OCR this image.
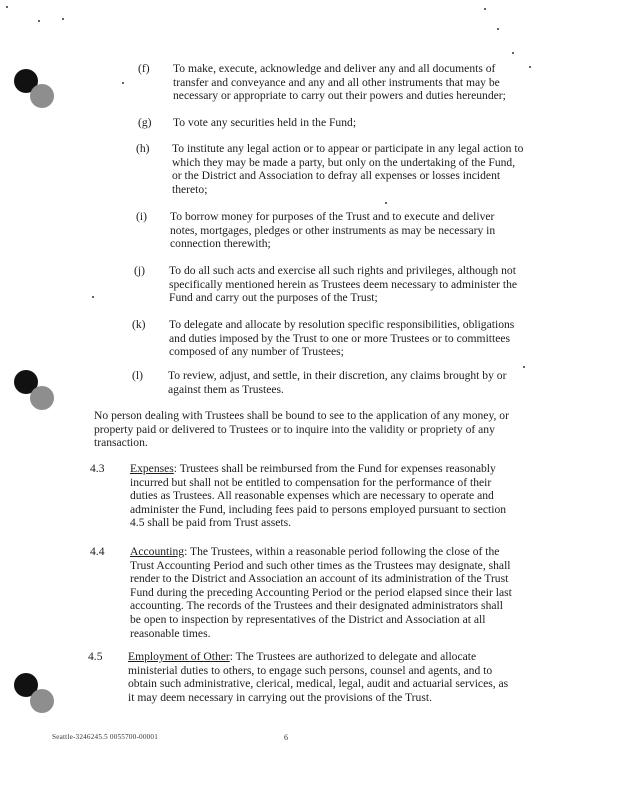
(f) To make, execute, acknowledge and deliver any and all documents of transfer and conveyance and any and all other instruments that may be necessary or appropriate to carry out their powers and duties hereunder;
(g) To vote any securities held in the Fund;
(h) To institute any legal action or to appear or participate in any legal action to which they may be made a party, but only on the undertaking of the Fund, or the District and Association to defray all expenses or losses incident thereto;
(i) To borrow money for purposes of the Trust and to execute and deliver notes, mortgages, pledges or other instruments as may be necessary in connection therewith;
(j) To do all such acts and exercise all such rights and privileges, although not specifically mentioned herein as Trustees deem necessary to administer the Fund and carry out the purposes of the Trust;
(k) To delegate and allocate by resolution specific responsibilities, obligations and duties imposed by the Trust to one or more Trustees or to committees composed of any number of Trustees;
(l) To review, adjust, and settle, in their discretion, any claims brought by or against them as Trustees.
No person dealing with Trustees shall be bound to see to the application of any money, or property paid or delivered to Trustees or to inquire into the validity or propriety of any transaction.
4.3 Expenses: Trustees shall be reimbursed from the Fund for expenses reasonably incurred but shall not be entitled to compensation for the performance of their duties as Trustees. All reasonable expenses which are necessary to operate and administer the Fund, including fees paid to persons employed pursuant to section 4.5 shall be paid from Trust assets.
4.4 Accounting: The Trustees, within a reasonable period following the close of the Trust Accounting Period and such other times as the Trustees may designate, shall render to the District and Association an account of its administration of the Trust Fund during the preceding Accounting Period or the period elapsed since their last accounting. The records of the Trustees and their designated administrators shall be open to inspection by representatives of the District and Association at all reasonable times.
4.5 Employment of Other: The Trustees are authorized to delegate and allocate ministerial duties to others, to engage such persons, counsel and agents, and to obtain such administrative, clerical, medical, legal, audit and actuarial services, as it may deem necessary in carrying out the provisions of the Trust.
Seattle-3246245.5 0055700-00001	6
